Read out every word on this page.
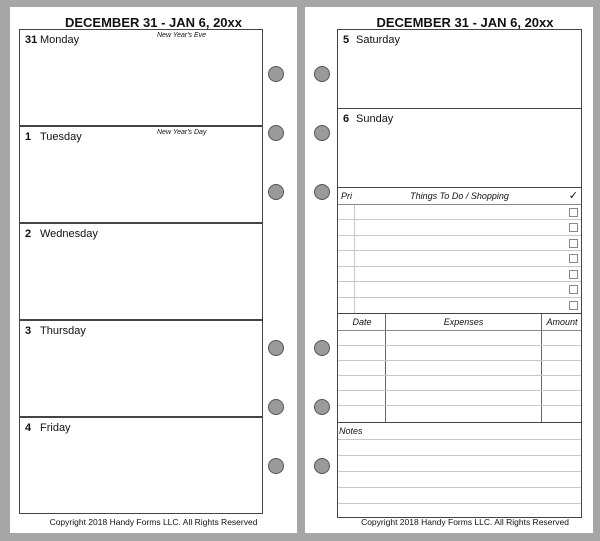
DECEMBER 31 - JAN 6, 20xx
31 Monday	New Year's Eve
1 Tuesday	New Year's Day
2 Wednesday
3 Thursday
4 Friday
Copyright 2018 Handy Forms LLC. All Rights Reserved
DECEMBER 31 - JAN 6, 20xx
5 Saturday
6 Sunday
Pri	Things To Do / Shopping	✓
Date	Expenses	Amount
Notes
Copyright 2018 Handy Forms LLC. All Rights Reserved
